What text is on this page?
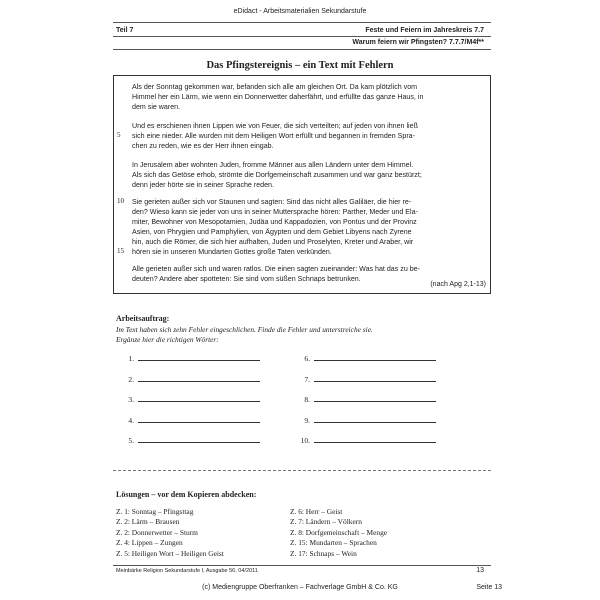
eDidact - Arbeitsmaterialien Sekundarstufe
Teil 7	Feste und Feiern im Jahreskreis 7.7
Warum feiern wir Pfingsten? 7.7.7/M4f**
Das Pfingstereignis – ein Text mit Fehlern
Als der Sonntag gekommen war, befanden sich alle am gleichen Ort. Da kam plötzlich vom
Himmel her ein Lärm, wie wenn ein Donnerwetter daherfährt, und erfüllte das ganze Haus, in
dem sie waren.
Und es erschienen ihnen Lippen wie von Feuer, die sich verteilten; auf jeden von ihnen ließ
sich eine nieder. Alle wurden mit dem Heiligen Wort erfüllt und begannen in fremden Spra-
chen zu reden, wie es der Herr ihnen eingab.
In Jerusalem aber wohnten Juden, fromme Männer aus allen Ländern unter dem Himmel.
Als sich das Getöse erhob, strömte die Dorfgemeinschaft zusammen und war ganz bestürzt;
denn jeder hörte sie in seiner Sprache reden.
Sie gerieten außer sich vor Staunen und sagten: Sind das nicht alles Galiläer, die hier re-
den? Wieso kann sie jeder von uns in seiner Muttersprache hören: Parther, Meder und Ela-
miter, Bewohner von Mesopotamien, Judäa und Kappadozien, von Pontus und der Provinz
Asien, von Phrygien und Pamphylien, von Ägypten und dem Gebiet Libyens nach Zyrene
hin, auch die Römer, die sich hier aufhalten, Juden und Proselyten, Kreter und Araber, wir
hören sie in unseren Mundarten Gottes große Taten verkünden.
Alle gerieten außer sich und waren ratlos. Die einen sagten zueinander: Was hat das zu be-
deuten? Andere aber spotteten: Sie sind vom süßen Schnaps betrunken.
5
10
15
(nach Apg 2,1-13)
Arbeitsauftrag:
Im Text haben sich zehn Fehler eingeschlichen. Finde die Fehler und unterstreiche sie.
Ergänze hier die richtigen Wörter:
1.
2.
3.
4.
5.
6.
7.
8.
9.
10.
Lösungen – vor dem Kopieren abdecken:
Z. 1: Sonntag – Pfingsttag
Z. 2: Lärm – Brausen
Z. 2: Donnerwetter – Sturm
Z. 4: Lippen – Zungen
Z. 5: Heiligen Wort – Heiligen Geist
Z. 6: Herr – Geist
Z. 7: Ländern – Völkern
Z. 8: Dorfgemeinschaft – Menge
Z. 15: Mundarten – Sprachen
Z. 17: Schnaps – Wein
Meinbärke Religion Sekundarstufe I, Ausgabe 56, 04/2011	13
(c) Mediengruppe Oberfranken – Fachverlage GmbH & Co. KG	Seite 13
